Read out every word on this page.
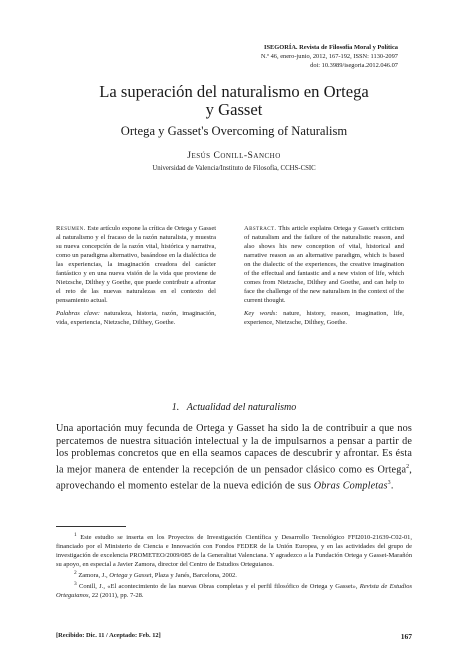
ISEGORÍA. Revista de Filosofía Moral y Política
N.º 46, enero-junio, 2012, 167-192, ISSN: 1130-2097
doi: 10.3989/isegoria.2012.046.07
La superación del naturalismo en Ortega
y Gasset
Ortega y Gasset's Overcoming of Naturalism
Jesús Conill-Sancho
Universidad de Valencia/Instituto de Filosofía, CCHS-CSIC

Resumen. Este artículo expone la crítica de Ortega y Gasset al naturalismo y el fracaso de la razón naturalista, y muestra su nueva concepción de la razón vital, histórica y narrativa, como un paradigma alternativo, basándose en la dialéctica de las experiencias, la imaginación creadora del carácter fantástico y en una nueva visión de la vida que proviene de Nietzsche, Dilthey y Goethe, que puede contribuir a afrontar el reto de las nuevas naturalezas en el contexto del pensamiento actual.

Palabras clave: naturaleza, historia, razón, imaginación, vida, experiencia, Nietzsche, Dilthey, Goethe.

Abstract. This article explains Ortega y Gasset's criticism of naturalism and the failure of the naturalistic reason, and also shows his new conception of vital, historical and narrative reason as an alternative paradigm, which is based on the dialectic of the experiences, the creative imagination of the effectual and fantastic and a new vision of life, which comes from Nietzsche, Dilthey and Goethe, and can help to face the challenge of the new naturalism in the context of the current thought.

Key words: nature, history, reason, imagination, life, experience, Nietzsche, Dilthey, Goethe.

1. Actualidad del naturalismo
Una aportación muy fecunda de Ortega y Gasset ha sido la de contribuir a que nos percatemos de nuestra situación intelectual y la de impulsarnos a pensar a partir de los problemas concretos que en ella seamos capaces de descubrir y afrontar. Es ésta la mejor manera de entender la recepción de un pensador clásico como es Ortega$^2$, aprovechando el momento estelar de la nueva edición de sus Obras Completas$^3$.

$^1$ Este estudio se inserta en los Proyectos de Investigación Científica y Desarrollo Tecnológico FFI2010-21639-C02-01, financiado por el Ministerio de Ciencia e Innovación con Fondos FEDER de la Unión Europea, y en las actividades del grupo de investigación de excelencia PROMETEO/2009/085 de la Generalitat Valenciana. Y agradezco a la Fundación Ortega y Gasset-Marañón su apoyo, en especial a Javier Zamora, director del Centro de Estudios Orteguianos.

$^2$ Zamora, J., Ortega y Gasset, Plaza y Janés, Barcelona, 2002.

$^3$ Conill, J., «El acontecimiento de las nuevas Obras completas y el perfil filosófico de Ortega y Gasset», Revista de Estudios Orteguianos, 22 (2011), pp. 7-28.

[Recibido: Dic. 11 / Aceptado: Feb. 12]	167
